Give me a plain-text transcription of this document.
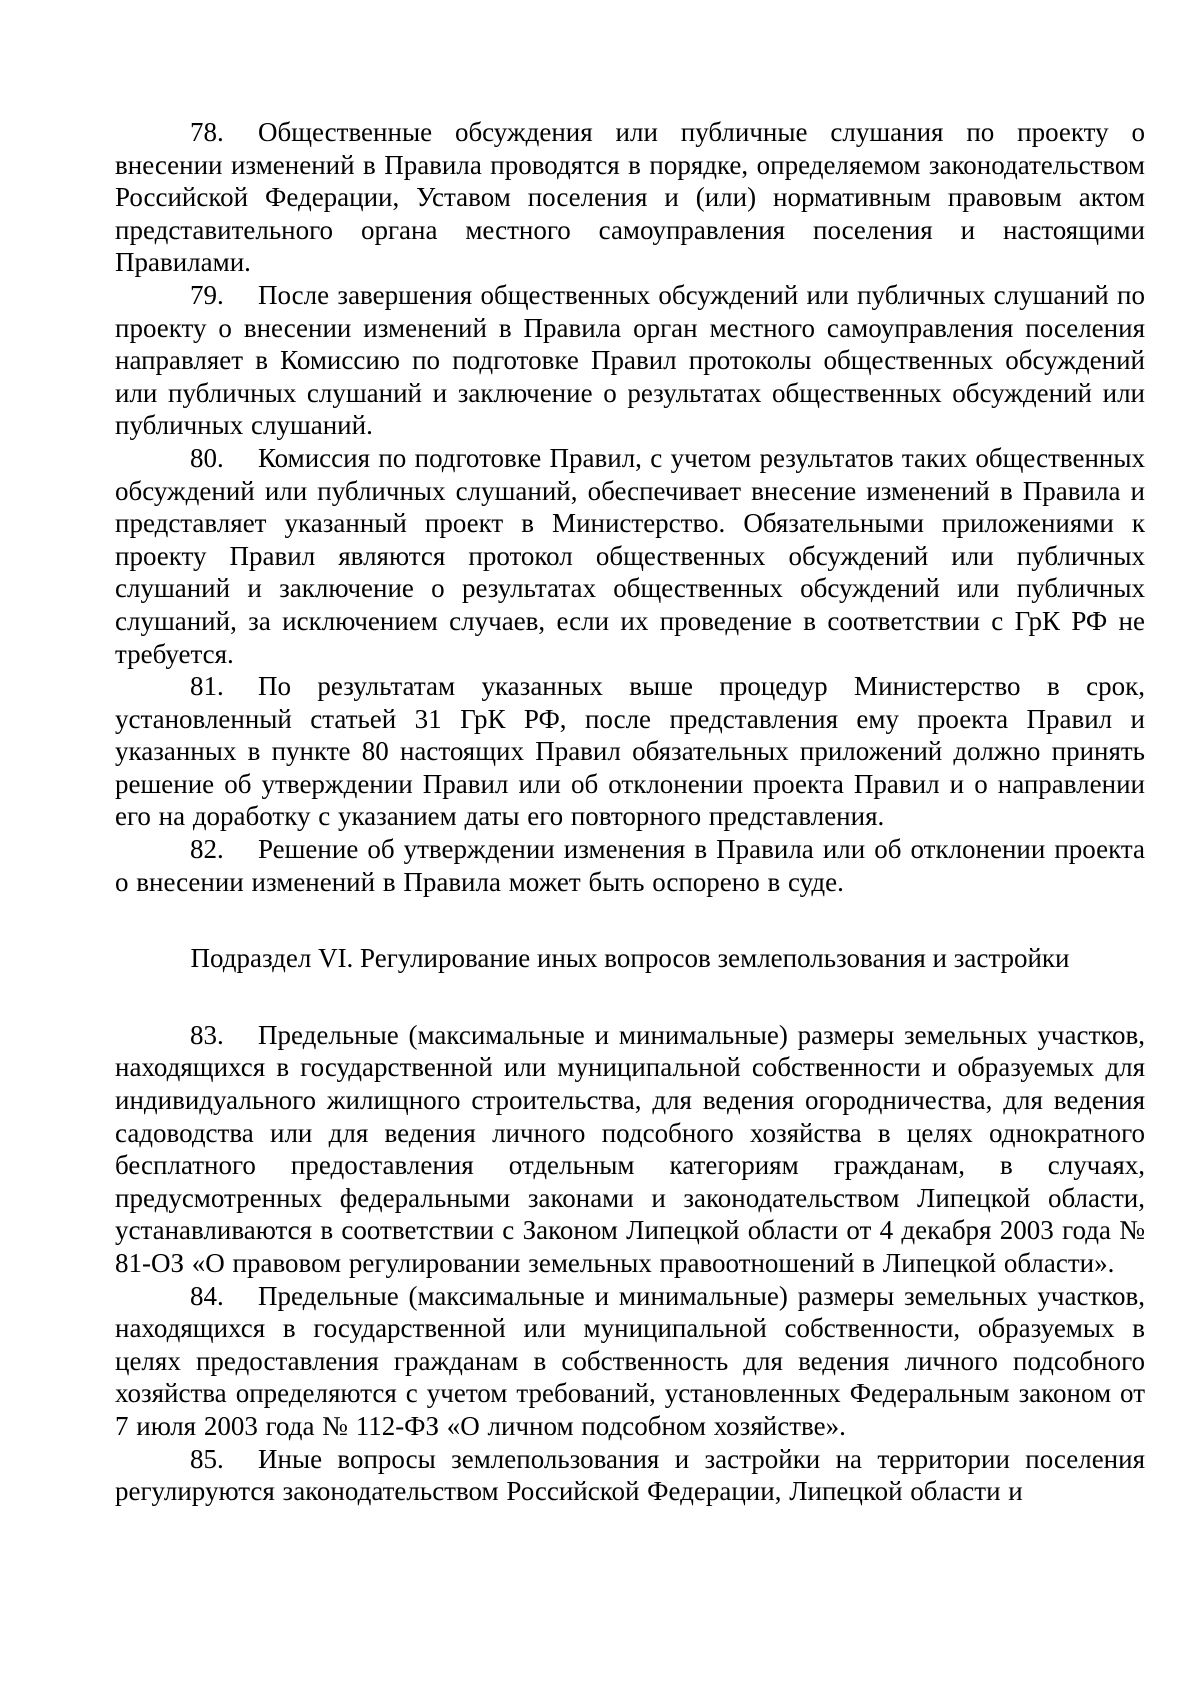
78. Общественные обсуждения или публичные слушания по проекту о внесении изменений в Правила проводятся в порядке, определяемом законодательством Российской Федерации, Уставом поселения и (или) нормативным правовым актом представительного органа местного самоуправления поселения и настоящими Правилами.

79. После завершения общественных обсуждений или публичных слушаний по проекту о внесении изменений в Правила орган местного самоуправления поселения направляет в Комиссию по подготовке Правил протоколы общественных обсуждений или публичных слушаний и заключение о результатах общественных обсуждений или публичных слушаний.

80. Комиссия по подготовке Правил, с учетом результатов таких общественных обсуждений или публичных слушаний, обеспечивает внесение изменений в Правила и представляет указанный проект в Министерство. Обязательными приложениями к проекту Правил являются протокол общественных обсуждений или публичных слушаний и заключение о результатах общественных обсуждений или публичных слушаний, за исключением случаев, если их проведение в соответствии с ГрК РФ не требуется.

81. По результатам указанных выше процедур Министерство в срок, установленный статьей 31 ГрК РФ, после представления ему проекта Правил и указанных в пункте 80 настоящих Правил обязательных приложений должно принять решение об утверждении Правил или об отклонении проекта Правил и о направлении его на доработку с указанием даты его повторного представления.

82. Решение об утверждении изменения в Правила или об отклонении проекта о внесении изменений в Правила может быть оспорено в суде.

Подраздел VI. Регулирование иных вопросов землепользования и застройки

83. Предельные (максимальные и минимальные) размеры земельных участков, находящихся в государственной или муниципальной собственности и образуемых для индивидуального жилищного строительства, для ведения огородничества, для ведения садоводства или для ведения личного подсобного хозяйства в целях однократного бесплатного предоставления отдельным категориям гражданам, в случаях, предусмотренных федеральными законами и законодательством Липецкой области, устанавливаются в соответствии с Законом Липецкой области от 4 декабря 2003 года № 81-ОЗ «О правовом регулировании земельных правоотношений в Липецкой области».

84. Предельные (максимальные и минимальные) размеры земельных участков, находящихся в государственной или муниципальной собственности, образуемых в целях предоставления гражданам в собственность для ведения личного подсобного хозяйства определяются с учетом требований, установленных Федеральным законом от 7 июля 2003 года № 112-ФЗ «О личном подсобном хозяйстве».

85. Иные вопросы землепользования и застройки на территории поселения регулируются законодательством Российской Федерации, Липецкой области и
